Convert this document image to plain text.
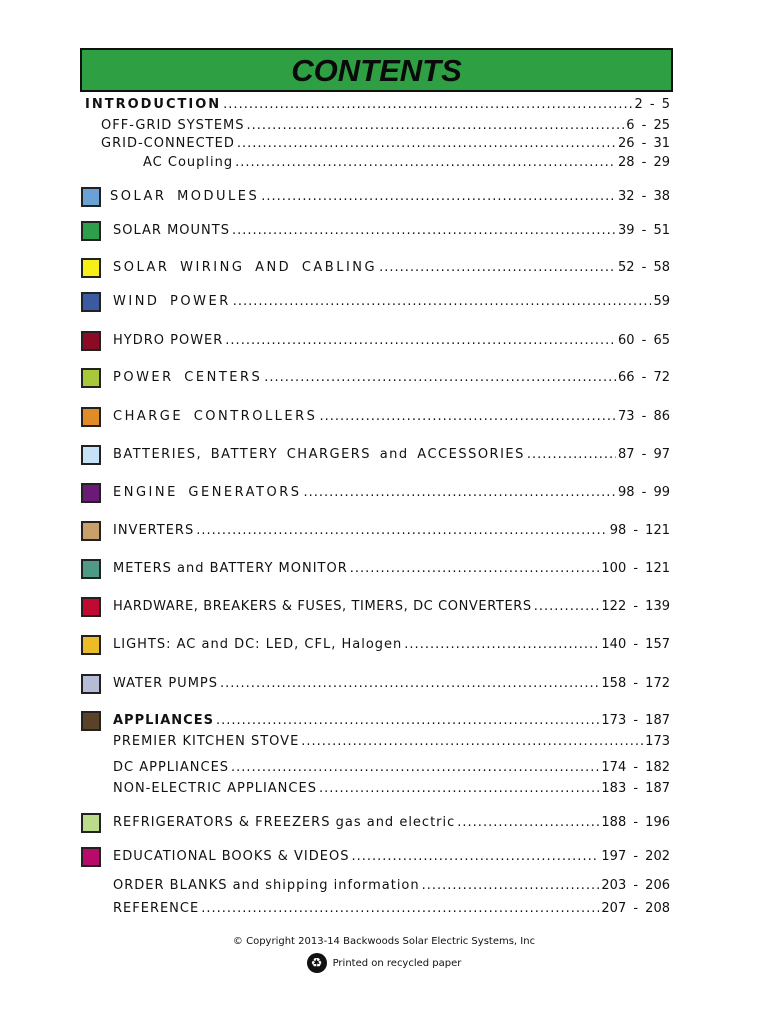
CONTENTS
INTRODUCTION .....	2 - 5
OFF-GRID SYSTEMS .....	6 - 25
GRID-CONNECTED .....	26 - 31
AC Coupling .....	28 - 29
SOLAR MODULES .....	32 - 38
SOLAR MOUNTS .....	39 - 51
SOLAR WIRING AND CABLING .....	52 - 58
WIND POWER .....	59
HYDRO POWER .....	60 - 65
POWER CENTERS .....	66 - 72
CHARGE CONTROLLERS .....	73 - 86
BATTERIES, BATTERY CHARGERS and ACCESSORIES .....	87 - 97
ENGINE GENERATORS .....	98 - 99
INVERTERS .....	98 - 121
METERS and BATTERY MONITOR .....	100 - 121
HARDWARE, BREAKERS & FUSES, TIMERS, DC CONVERTERS .....	122 - 139
LIGHTS: AC and DC: LED, CFL, Halogen .....	140 - 157
WATER PUMPS .....	158 - 172
APPLIANCES .....	173 - 187
PREMIER KITCHEN STOVE .....	173
DC APPLIANCES .....	174 - 182
NON-ELECTRIC APPLIANCES .....	183 - 187
REFRIGERATORS & FREEZERS gas and electric .....	188 - 196
EDUCATIONAL BOOKS & VIDEOS .....	197 - 202
ORDER BLANKS and shipping information .....	203 - 206
REFERENCE .....	207 - 208
© Copyright 2013-14 Backwoods Solar Electric Systems, Inc
♻ Printed on recycled paper
